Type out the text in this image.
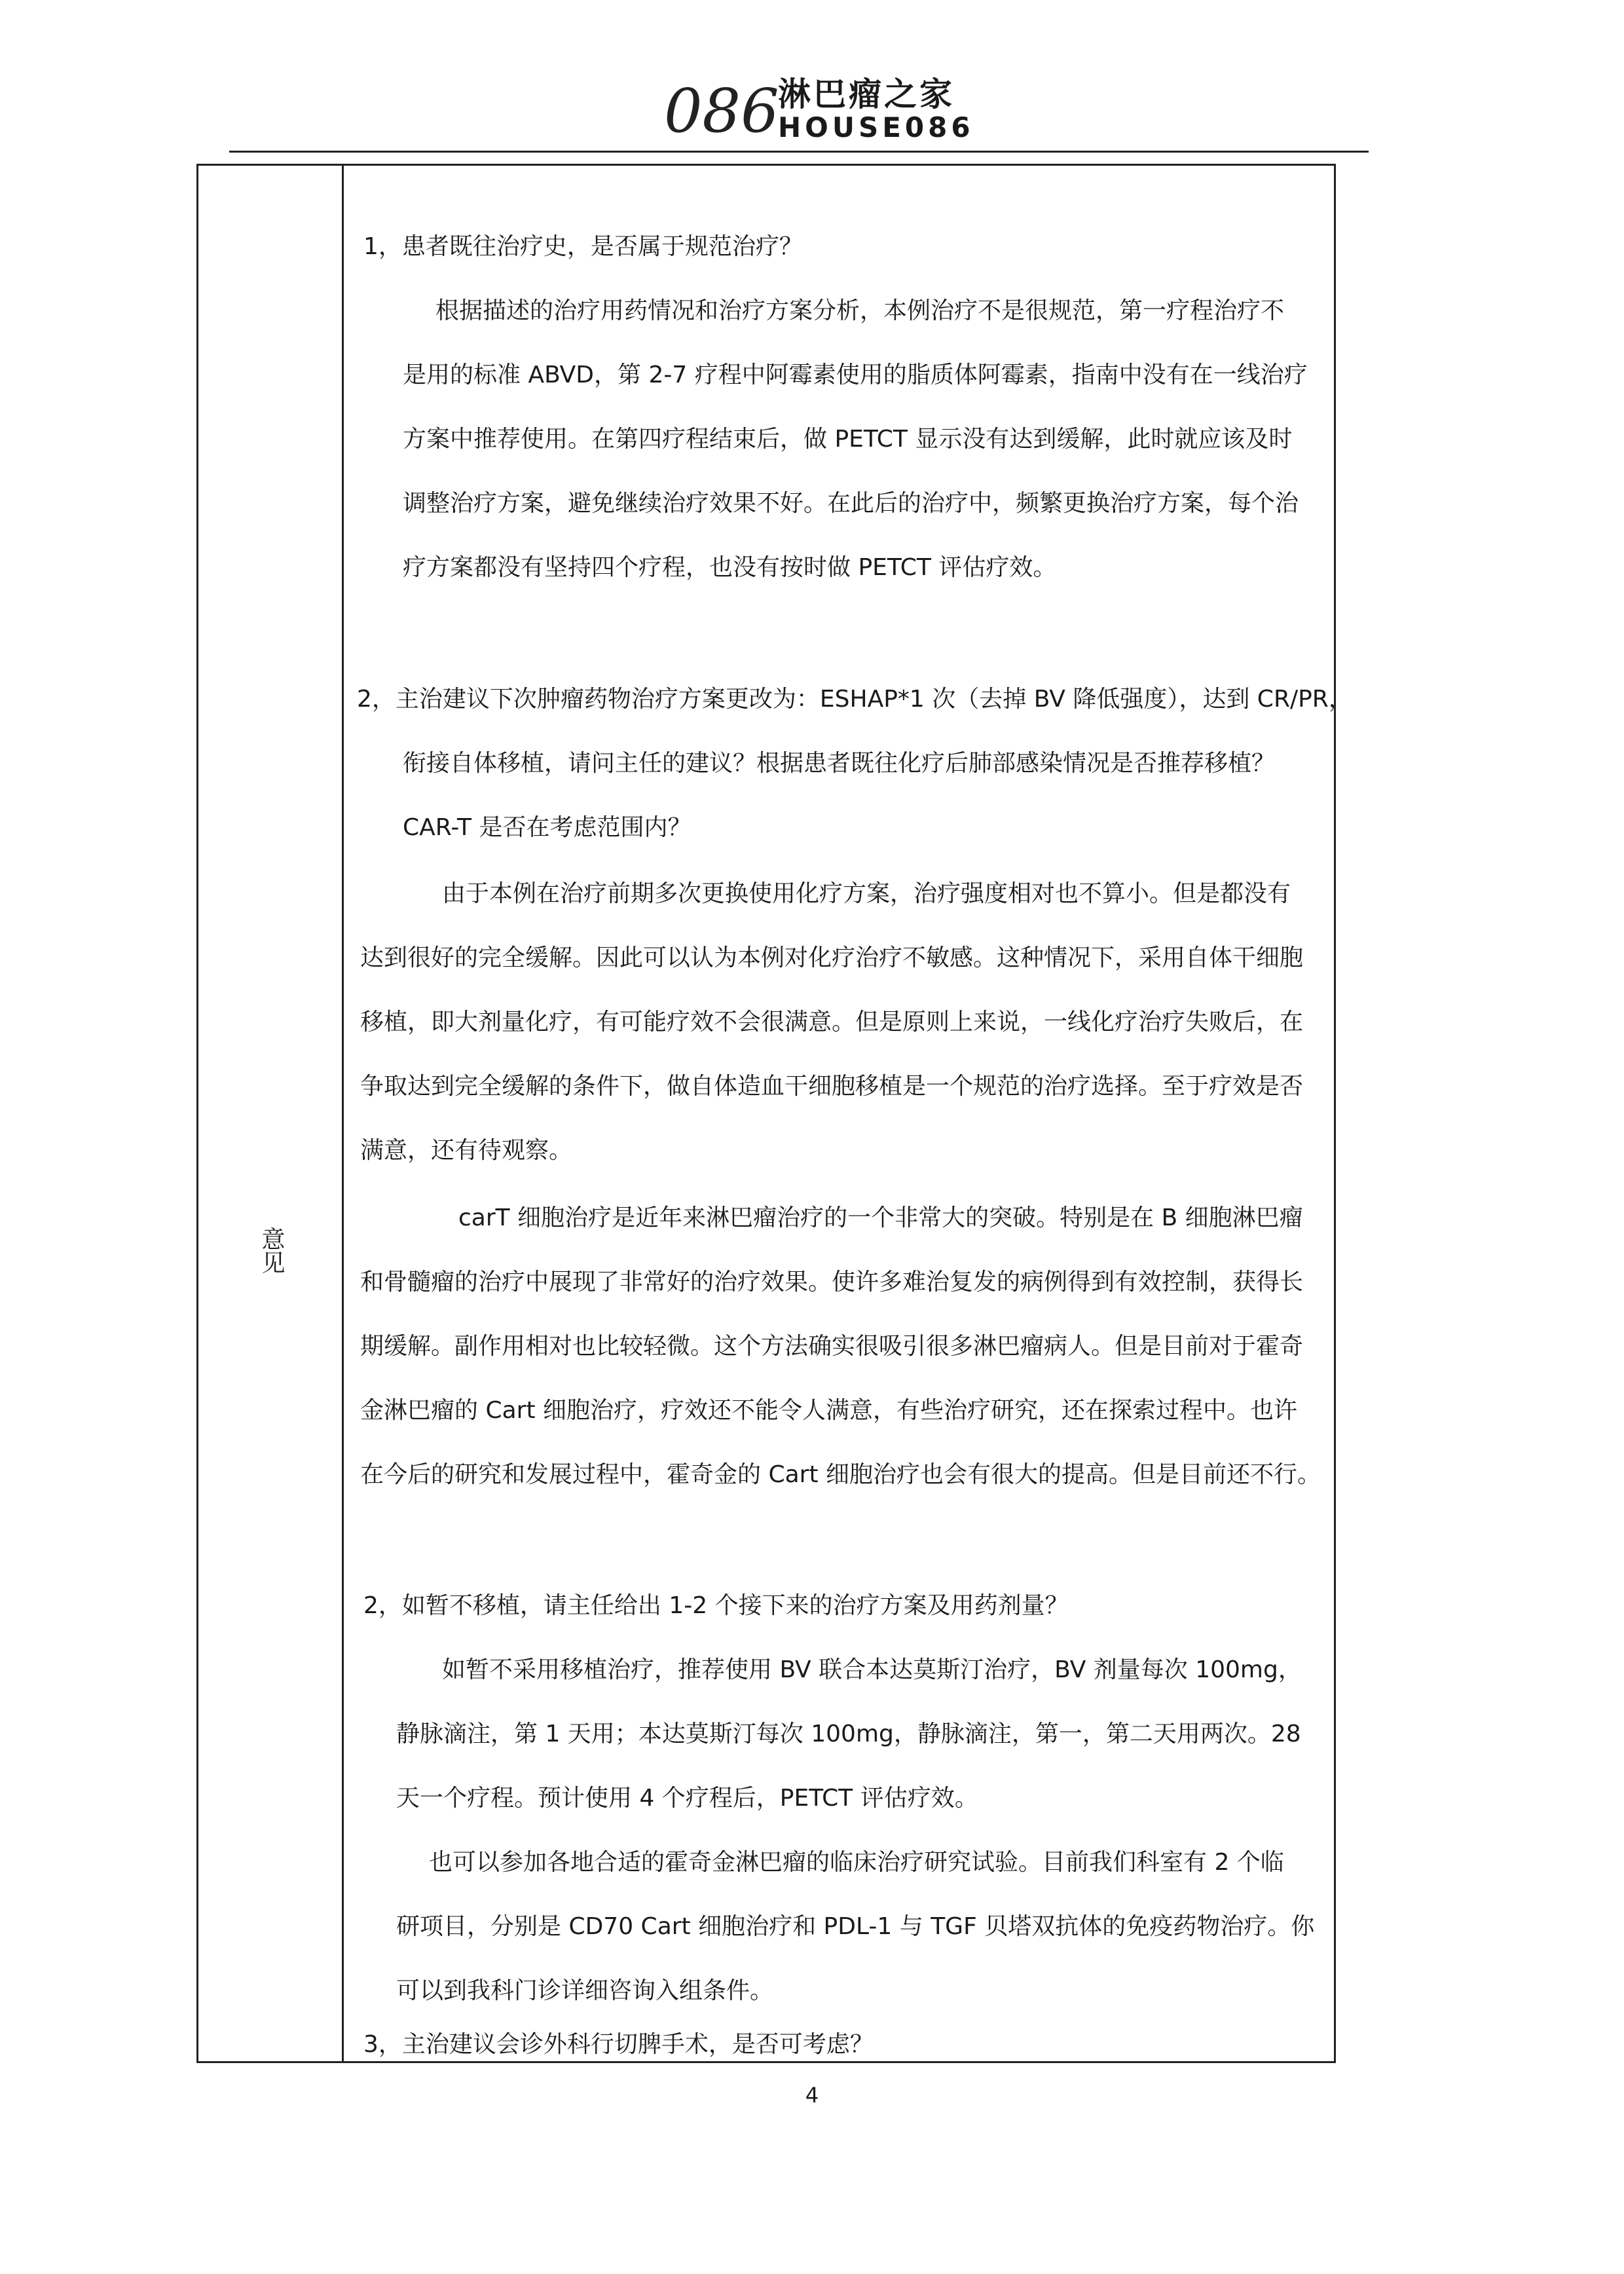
086
淋巴瘤之家
HOUSE086
意见
1，患者既往治疗史，是否属于规范治疗？
根据描述的治疗用药情况和治疗方案分析，本例治疗不是很规范，第一疗程治疗不
是用的标准 ABVD，第 2-7 疗程中阿霉素使用的脂质体阿霉素，指南中没有在一线治疗
方案中推荐使用。在第四疗程结束后，做 PETCT 显示没有达到缓解，此时就应该及时
调整治疗方案，避免继续治疗效果不好。在此后的治疗中，频繁更换治疗方案，每个治
疗方案都没有坚持四个疗程，也没有按时做 PETCT 评估疗效。
2，主治建议下次肿瘤药物治疗方案更改为：ESHAP*1 次（去掉 BV 降低强度），达到 CR/PR，
衔接自体移植，请问主任的建议？根据患者既往化疗后肺部感染情况是否推荐移植？
CAR-T 是否在考虑范围内？
由于本例在治疗前期多次更换使用化疗方案，治疗强度相对也不算小。但是都没有
达到很好的完全缓解。因此可以认为本例对化疗治疗不敏感。这种情况下，采用自体干细胞
移植，即大剂量化疗，有可能疗效不会很满意。但是原则上来说，一线化疗治疗失败后，在
争取达到完全缓解的条件下，做自体造血干细胞移植是一个规范的治疗选择。至于疗效是否
满意，还有待观察。
carT 细胞治疗是近年来淋巴瘤治疗的一个非常大的突破。特别是在 B 细胞淋巴瘤
和骨髓瘤的治疗中展现了非常好的治疗效果。使许多难治复发的病例得到有效控制，获得长
期缓解。副作用相对也比较轻微。这个方法确实很吸引很多淋巴瘤病人。但是目前对于霍奇
金淋巴瘤的 Cart 细胞治疗，疗效还不能令人满意，有些治疗研究，还在探索过程中。也许
在今后的研究和发展过程中，霍奇金的 Cart 细胞治疗也会有很大的提高。但是目前还不行。
2，如暂不移植，请主任给出 1-2 个接下来的治疗方案及用药剂量？
如暂不采用移植治疗，推荐使用 BV 联合本达莫斯汀治疗，BV 剂量每次 100mg，
静脉滴注，第 1 天用；本达莫斯汀每次 100mg，静脉滴注，第一，第二天用两次。28
天一个疗程。预计使用 4 个疗程后，PETCT 评估疗效。
也可以参加各地合适的霍奇金淋巴瘤的临床治疗研究试验。目前我们科室有 2 个临
研项目，分别是 CD70 Cart 细胞治疗和 PDL-1 与 TGF 贝塔双抗体的免疫药物治疗。你
可以到我科门诊详细咨询入组条件。
3，主治建议会诊外科行切脾手术，是否可考虑？
4
